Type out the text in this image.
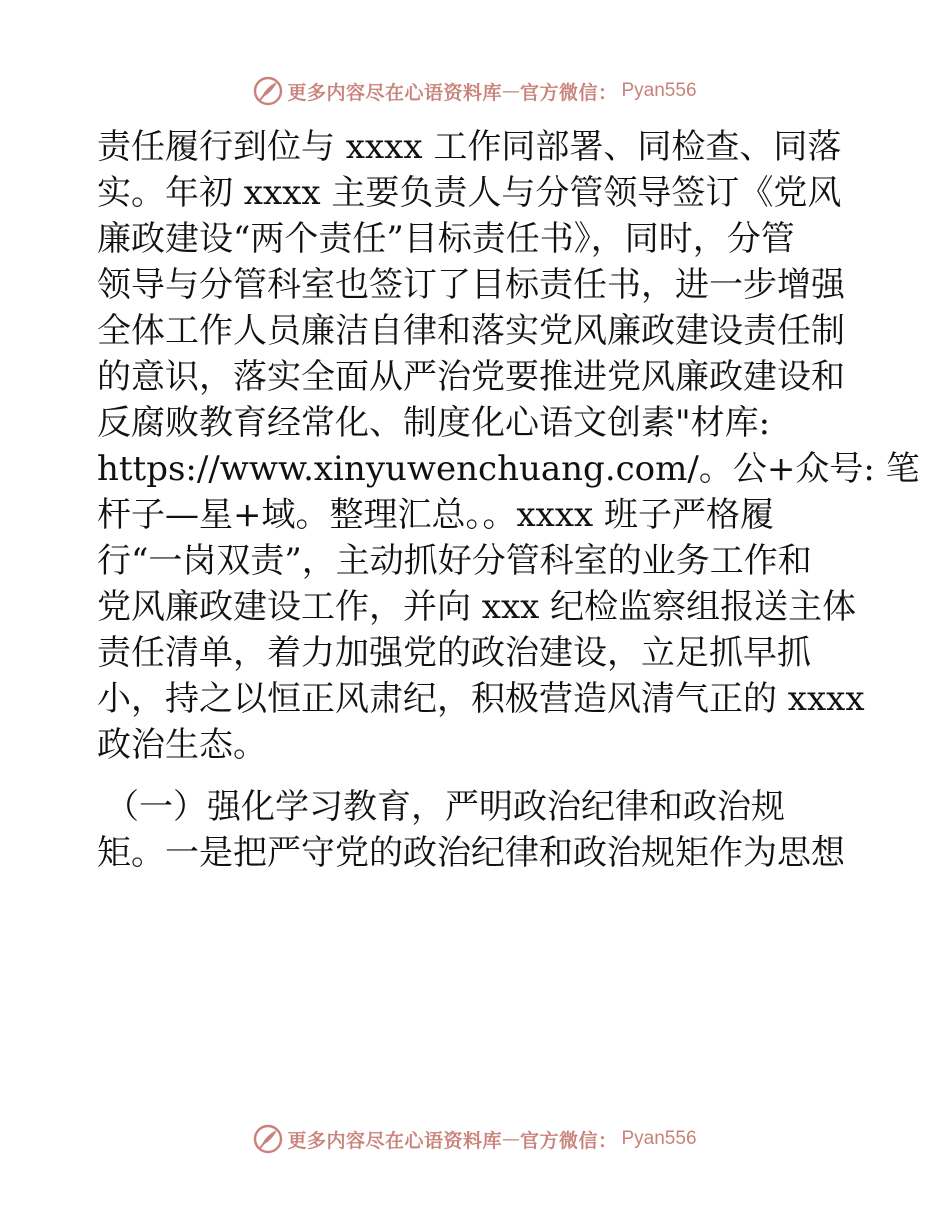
更多内容尽在心语资料库 — 官方微信： Pyan556
责任履行到位与 xxxx 工作同部署、同检查、同落
实。年初 xxxx 主要负责人与分管领导签订《党风
廉政建设“两个责任”目标责任书》，同时，分管
领导与分管科室也签订了目标责任书，进一步增强
全体工作人员廉洁自律和落实党风廉政建设责任制
的意识，落实全面从严治党要推进党风廉政建设和
反腐败教育经常化、制度化心语文创素"材库:
https://www.xinyuwenchuang.com/。公+众号: 笔
杆子—星+域。整理汇总。。xxxx 班子严格履
行“一岗双责”，主动抓好分管科室的业务工作和
党风廉政建设工作，并向 xxx 纪检监察组报送主体
责任清单，着力加强党的政治建设，立足抓早抓
小，持之以恒正风肃纪，积极营造风清气正的 xxxx
政治生态。
（一）强化学习教育，严明政治纪律和政治规
矩。一是把严守党的政治纪律和政治规矩作为思想
更多内容尽在心语资料库 — 官方微信： Pyan556
